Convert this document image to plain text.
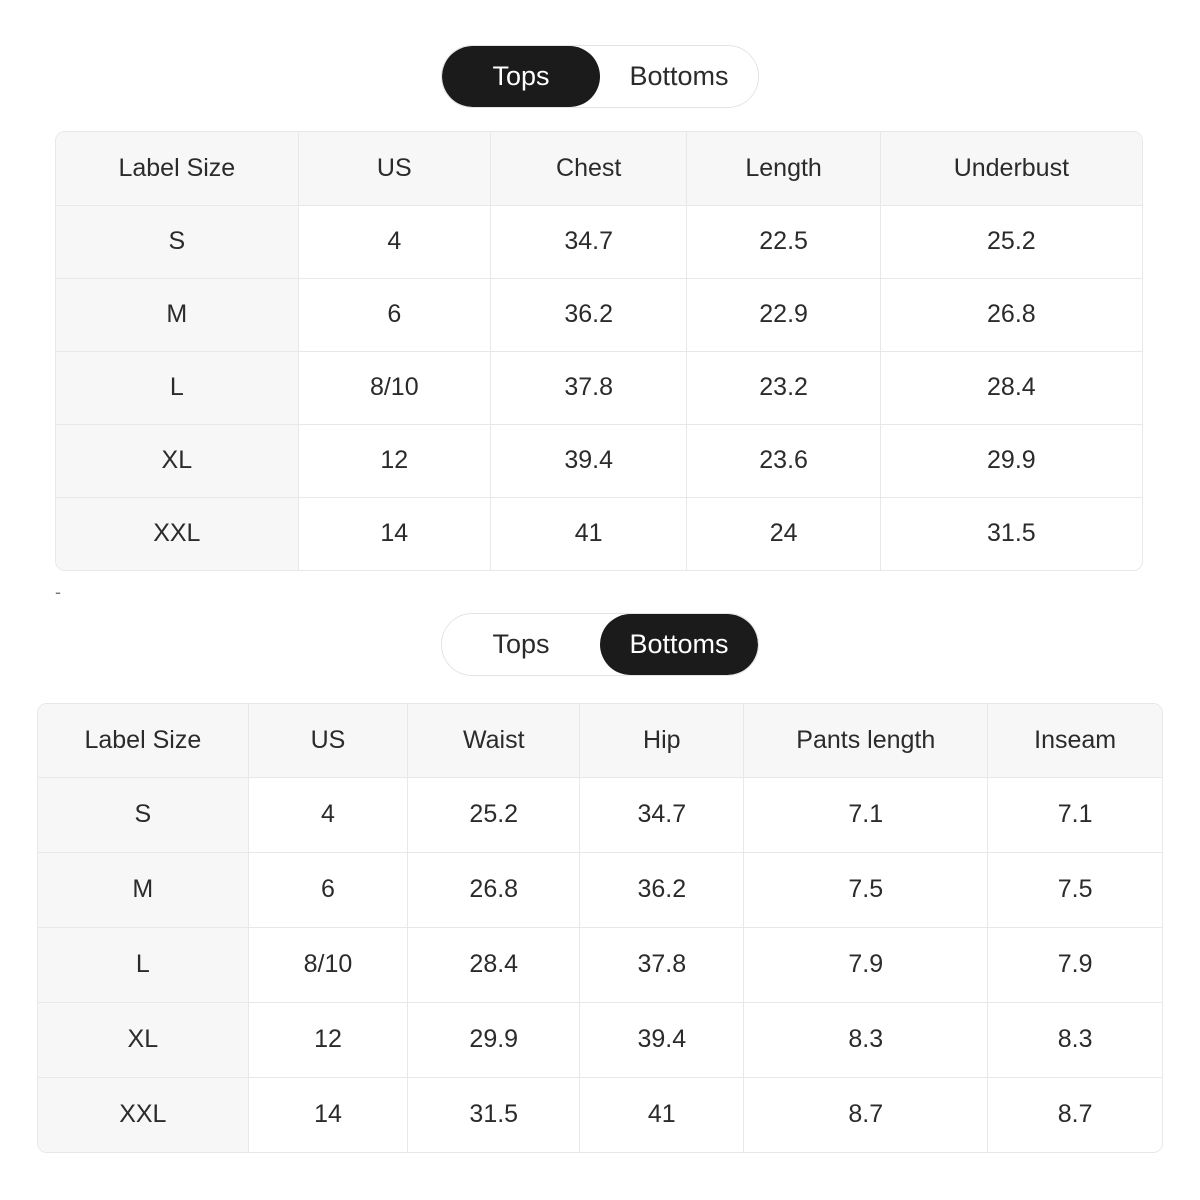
Tops	Bottoms
Label Size	US	Chest	Length	Underbust
S	4	34.7	22.5	25.2
M	6	36.2	22.9	26.8
L	8/10	37.8	23.2	28.4
XL	12	39.4	23.6	29.9
XXL	14	41	24	31.5
-
Tops	Bottoms
Label Size	US	Waist	Hip	Pants length	Inseam
S	4	25.2	34.7	7.1	7.1
M	6	26.8	36.2	7.5	7.5
L	8/10	28.4	37.8	7.9	7.9
XL	12	29.9	39.4	8.3	8.3
XXL	14	31.5	41	8.7	8.7
